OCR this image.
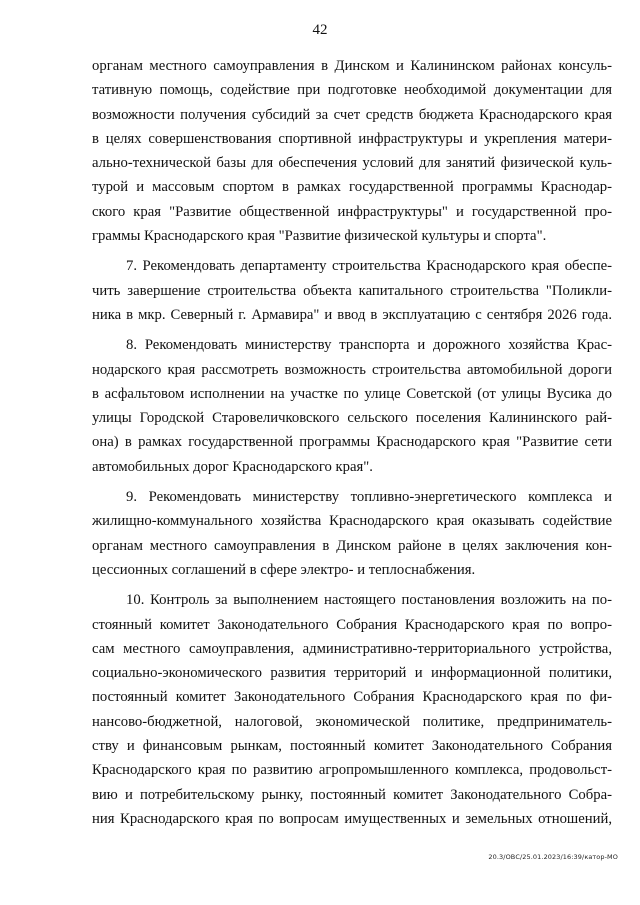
42
органам местного самоуправления в Динском и Калининском районах консуль-
тативную помощь, содействие при подготовке необходимой документации для
возможности получения субсидий за счет средств бюджета Краснодарского края
в целях совершенствования спортивной инфраструктуры и укрепления матери-
ально-технической базы для обеспечения условий для занятий физической куль-
турой и массовым спортом в рамках государственной программы Краснодар-
ского края "Развитие общественной инфраструктуры" и государственной про-
граммы Краснодарского края "Развитие физической культуры и спорта".
7. Рекомендовать департаменту строительства Краснодарского края обеспе-
чить завершение строительства объекта капитального строительства "Поликли-
ника в мкр. Северный г. Армавира" и ввод в эксплуатацию с сентября 2026 года.
8. Рекомендовать министерству транспорта и дорожного хозяйства Крас-
нодарского края рассмотреть возможность строительства автомобильной дороги
в асфальтовом исполнении на участке по улице Советской (от улицы Вусика до
улицы Городской Старовеличковского сельского поселения Калининского рай-
она) в рамках государственной программы Краснодарского края "Развитие сети
автомобильных дорог Краснодарского края".
9. Рекомендовать министерству топливно-энергетического комплекса и
жилищно-коммунального хозяйства Краснодарского края оказывать содействие
органам местного самоуправления в Динском районе в целях заключения кон-
цессионных соглашений в сфере электро- и теплоснабжения.
10. Контроль за выполнением настоящего постановления возложить на по-
стоянный комитет Законодательного Собрания Краснодарского края по вопро-
сам местного самоуправления, административно-территориального устройства,
социально-экономического развития территорий и информационной политики,
постоянный комитет Законодательного Собрания Краснодарского края по фи-
нансово-бюджетной, налоговой, экономической политике, предприниматель-
ству и финансовым рынкам, постоянный комитет Законодательного Собрания
Краснодарского края по развитию агропромышленного комплекса, продовольст-
вию и потребительскому рынку, постоянный комитет Законодательного Собра-
ния Краснодарского края по вопросам имущественных и земельных отношений,
20.3/ОВС/25.01.2023/16:39/катор-МО
